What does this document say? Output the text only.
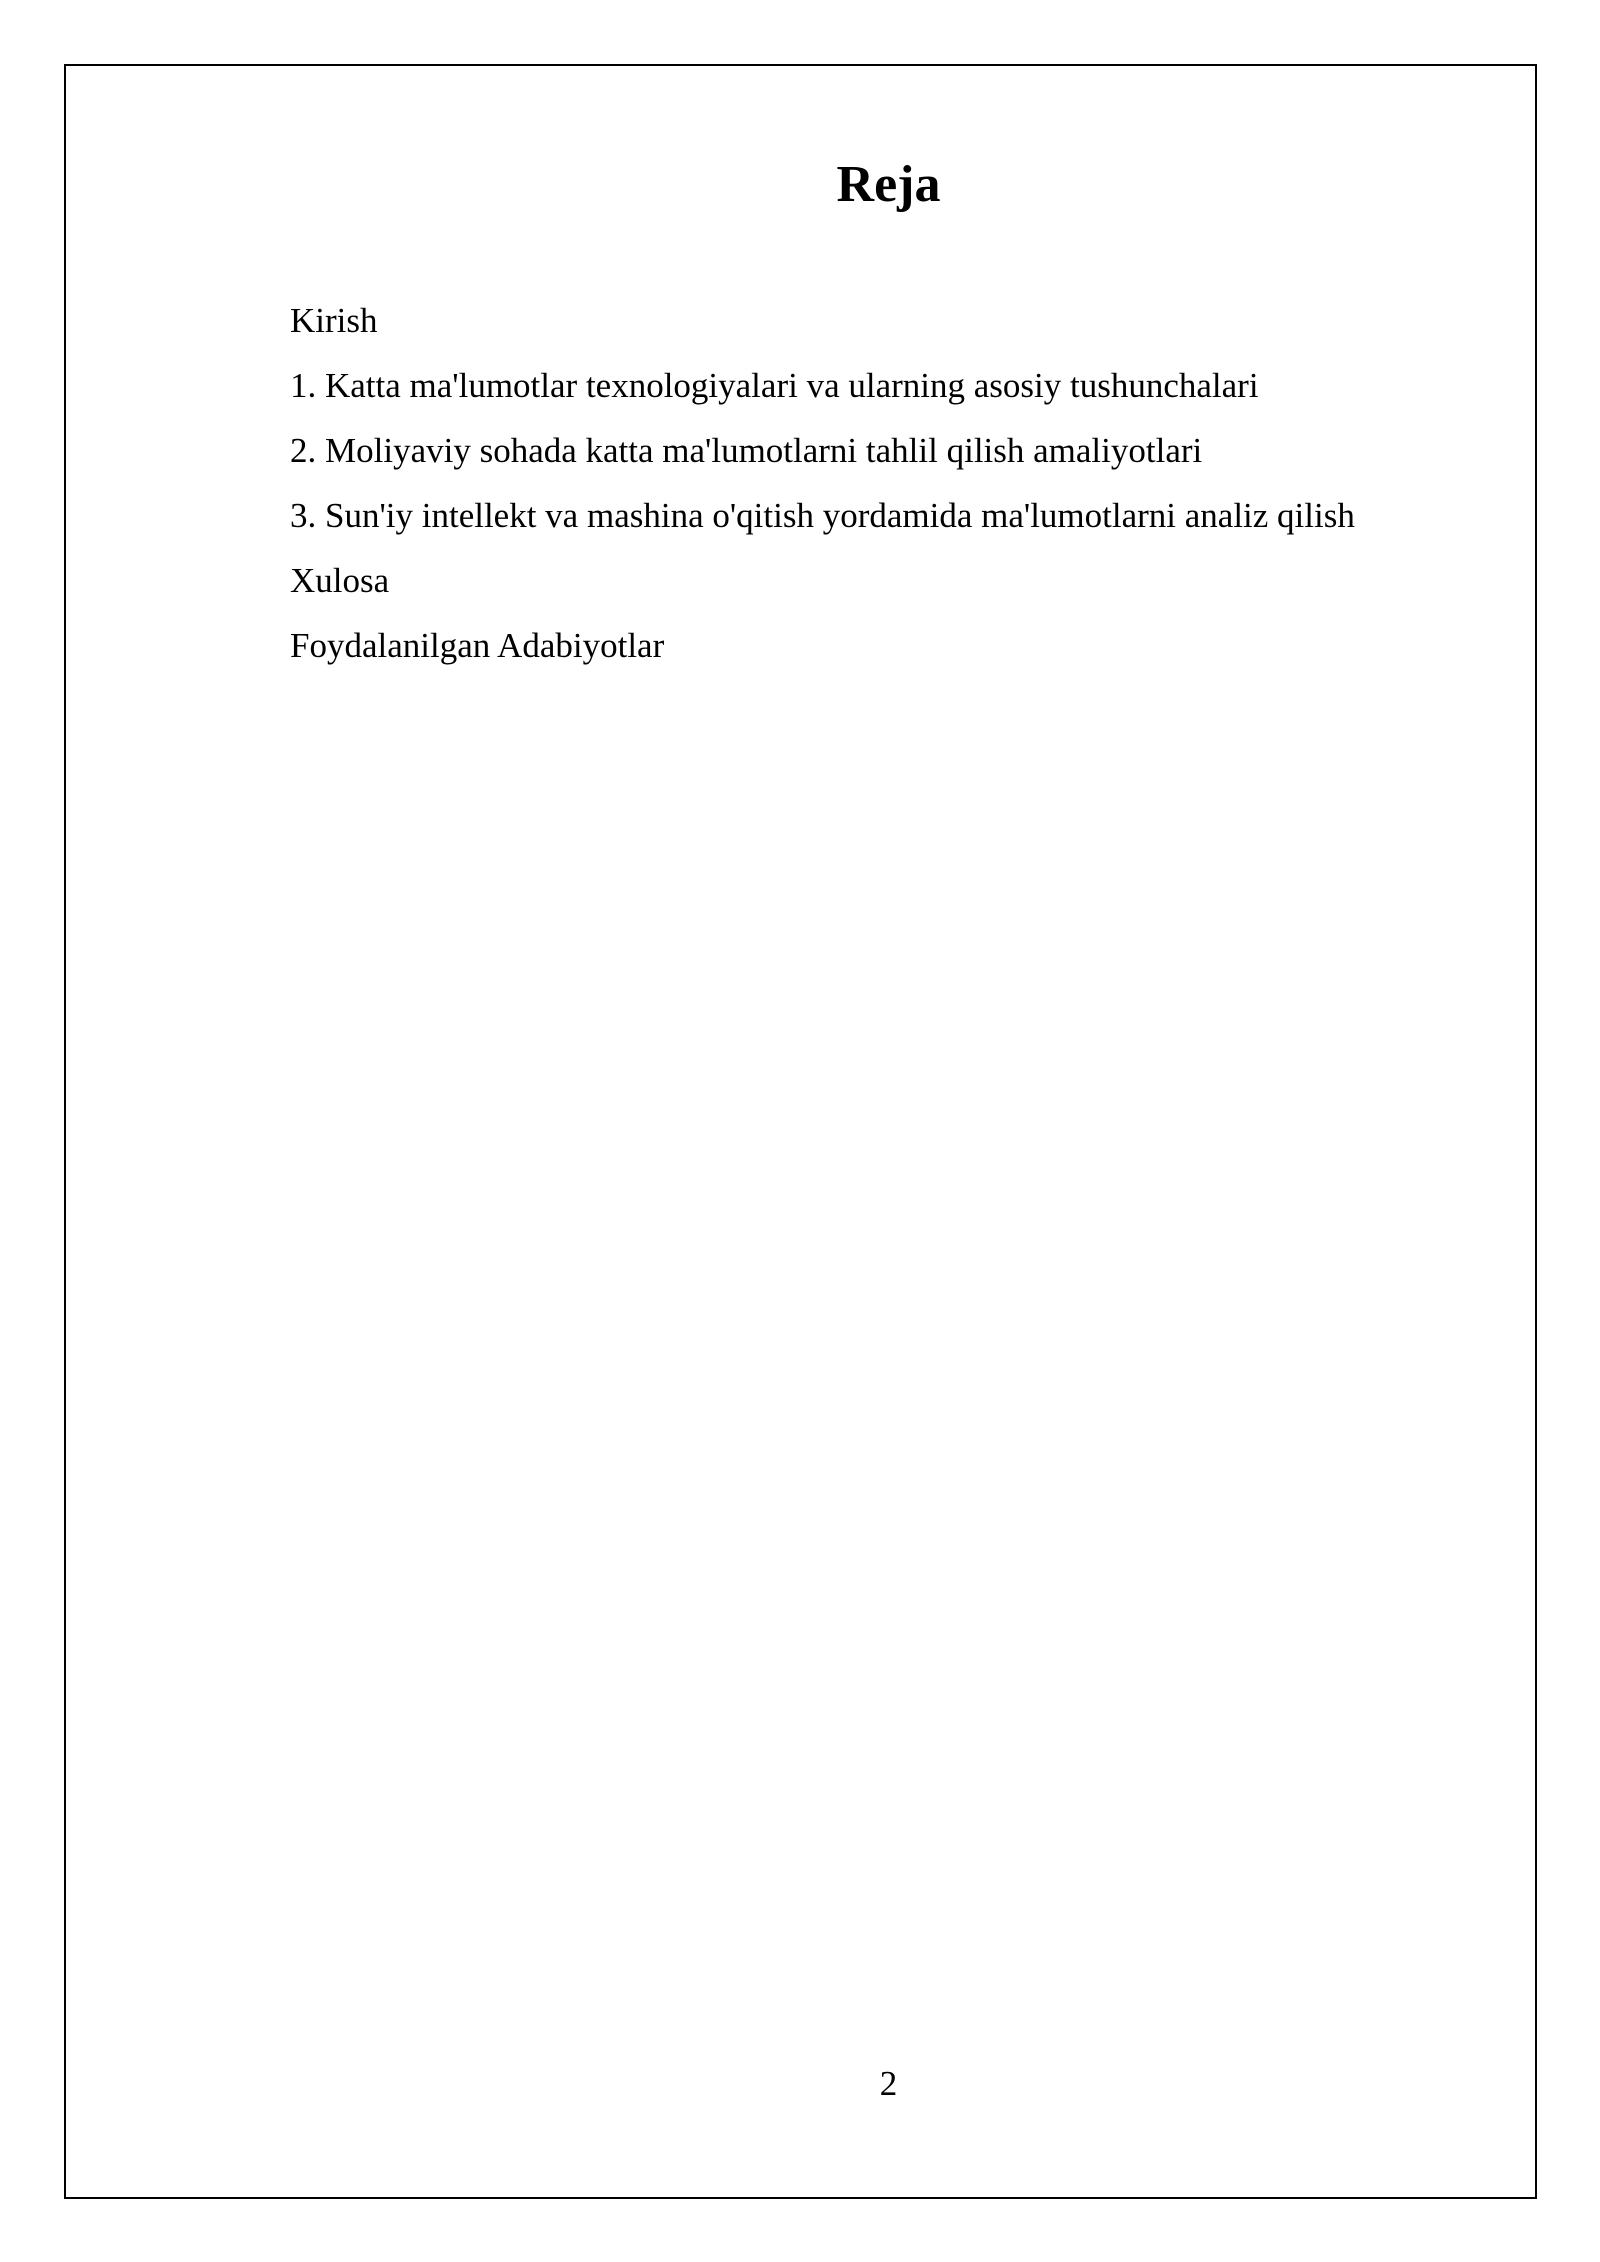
Reja
Kirish
1. Katta ma'lumotlar texnologiyalari va ularning asosiy tushunchalari
2. Moliyaviy sohada katta ma'lumotlarni tahlil qilish amaliyotlari
3. Sun'iy intellekt va mashina o'qitish yordamida ma'lumotlarni analiz qilish
Xulosa
Foydalanilgan Adabiyotlar
2
